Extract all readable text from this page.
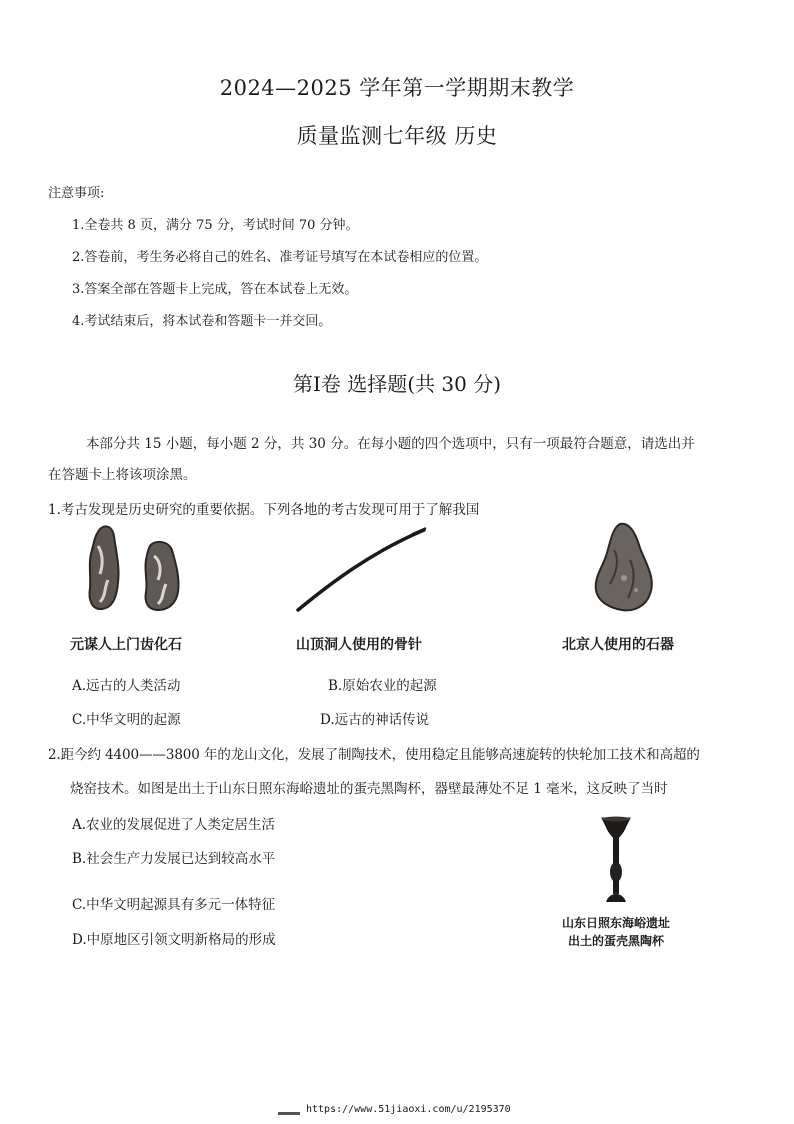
2024—2025 学年第一学期期末教学
质量监测七年级 历史
注意事项:
1.全卷共 8 页，满分 75 分，考试时间 70 分钟。
2.答卷前，考生务必将自己的姓名、准考证号填写在本试卷相应的位置。
3.答案全部在答题卡上完成，答在本试卷上无效。
4.考试结束后，将本试卷和答题卡一并交回。
第Ⅰ卷 选择题(共 30 分)
本部分共 15 小题，每小题 2 分，共 30 分。在每小题的四个选项中，只有一项最符合题意，请选出并
在答题卡上将该项涂黑。
1.考古发现是历史研究的重要依据。下列各地的考古发现可用于了解我国
元谋人上门齿化石	山顶洞人使用的骨针	北京人使用的石器
A.远古的人类活动	B.原始农业的起源
C.中华文明的起源	D.远古的神话传说
2.距今约 4400——3800 年的龙山文化，发展了制陶技术，使用稳定且能够高速旋转的快轮加工技术和高超的
烧窑技术。如图是出土于山东日照东海峪遗址的蛋壳黑陶杯，器壁最薄处不足 1 毫米，这反映了当时
A.农业的发展促进了人类定居生活
B.社会生产力发展已达到较高水平
C.中华文明起源具有多元一体特征
D.中原地区引领文明新格局的形成
山东日照东海峪遗址
出土的蛋壳黑陶杯
https://www.51jiaoxi.com/u/2195370
